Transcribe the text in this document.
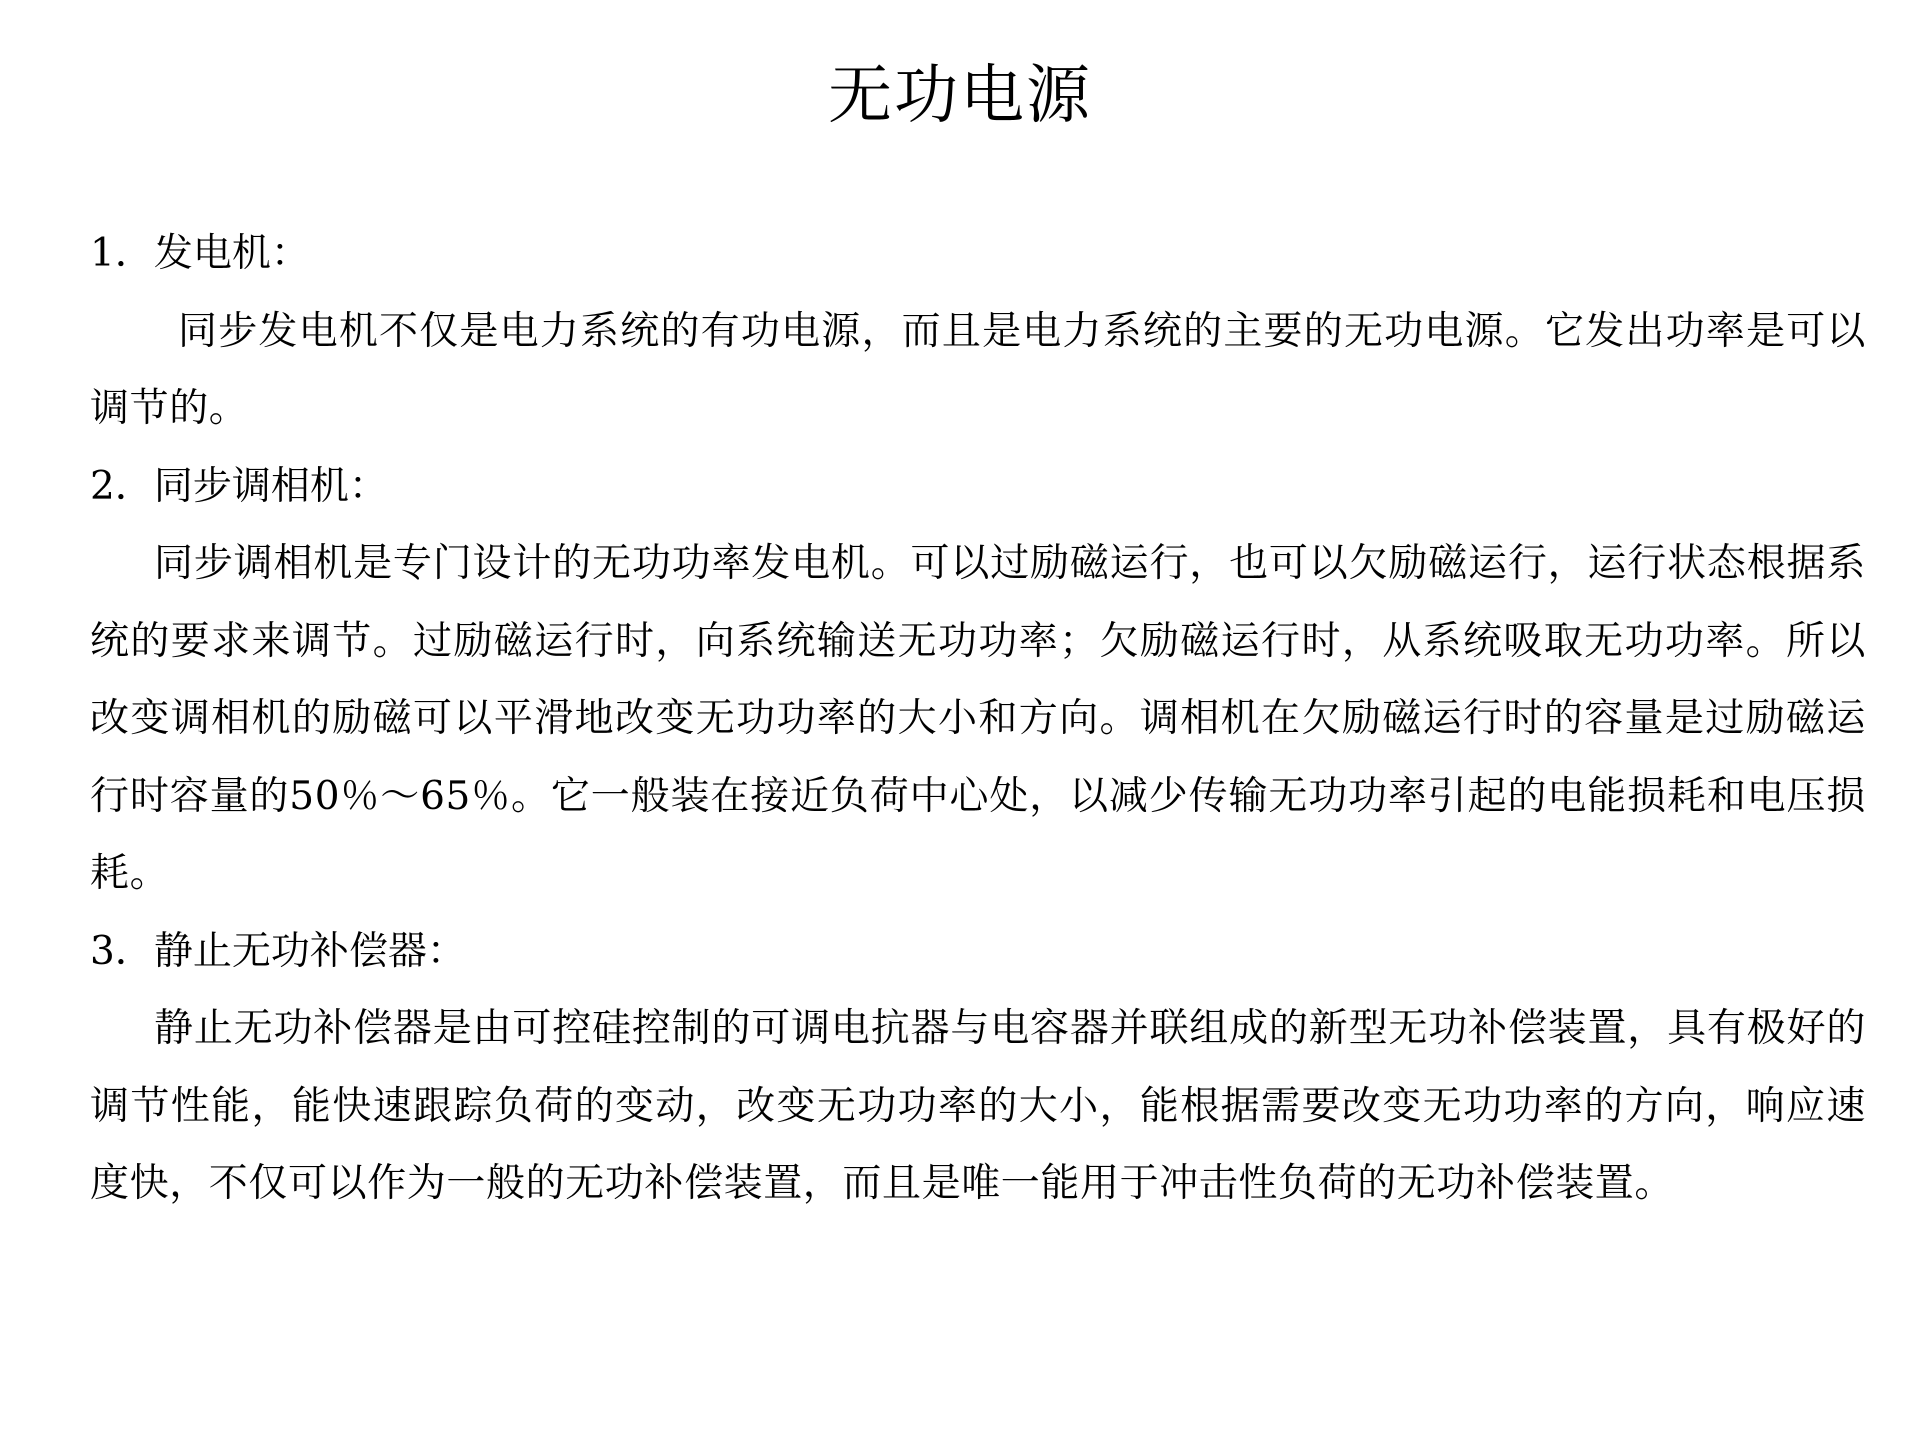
无功电源
1．发电机：

同步发电机不仅是电力系统的有功电源，而且是电力系统的主要的无功电源。它发出功率是可以调节的。

2．同步调相机：

同步调相机是专门设计的无功功率发电机。可以过励磁运行，也可以欠励磁运行，运行状态根据系统的要求来调节。过励磁运行时，向系统输送无功功率；欠励磁运行时，从系统吸取无功功率。所以改变调相机的励磁可以平滑地改变无功功率的大小和方向。调相机在欠励磁运行时的容量是过励磁运行时容量的50％～65％。它一般装在接近负荷中心处，以减少传输无功功率引起的电能损耗和电压损耗。

3．静止无功补偿器：

静止无功补偿器是由可控硅控制的可调电抗器与电容器并联组成的新型无功补偿装置，具有极好的调节性能，能快速跟踪负荷的变动，改变无功功率的大小，能根据需要改变无功功率的方向，响应速度快，不仅可以作为一般的无功补偿装置，而且是唯一能用于冲击性负荷的无功补偿装置。
